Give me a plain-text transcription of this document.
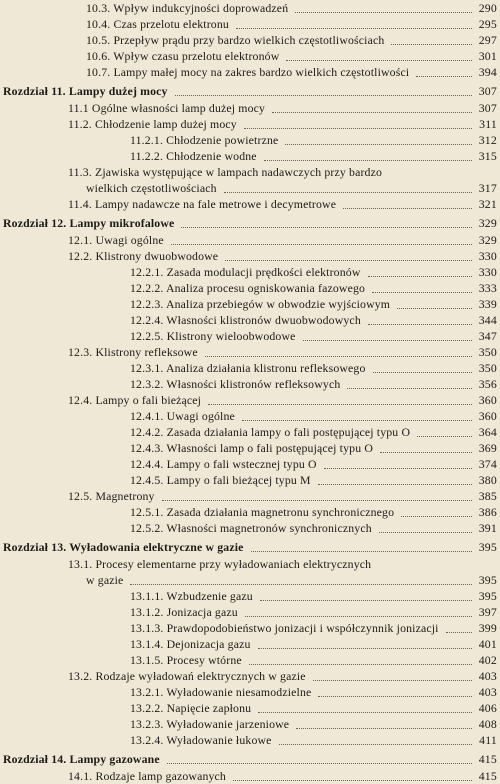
10.3. Wpływ indukcyjności doprowadzeń	290
10.4. Czas przelotu elektronu	295
10.5. Przepływ prądu przy bardzo wielkich częstotliwościach	297
10.6. Wpływ czasu przelotu elektronów	301
10.7. Lampy małej mocy na zakres bardzo wielkich częstotliwości	394
Rozdział 11. Lampy dużej mocy	307
11.1 Ogólne własności lamp dużej mocy	307
11.2. Chłodzenie lamp dużej mocy	311
11.2.1. Chłodzenie powietrzne	312
11.2.2. Chłodzenie wodne	315
11.3. Zjawiska występujące w lampach nadawczych przy bardzo
wielkich częstotliwościach	317
11.4. Lampy nadawcze na fale metrowe i decymetrowe	321
Rozdział 12. Lampy mikrofalowe	329
12.1. Uwagi ogólne	329
12.2. Klistrony dwuobwodowe	330
12.2.1. Zasada modulacji prędkości elektronów	330
12.2.2. Analiza procesu ogniskowania fazowego	333
12.2.3. Analiza przebiegów w obwodzie wyjściowym	339
12.2.4. Własności klistronów dwuobwodowych	344
12.2.5. Klistrony wieloobwodowe	347
12.3. Klistrony refleksowe	350
12.3.1. Analiza działania klistronu refleksowego	350
12.3.2. Własności klistronów refleksowych	356
12.4. Lampy o fali bieżącej	360
12.4.1. Uwagi ogólne	360
12.4.2. Zasada działania lampy o fali postępującej typu O	364
12.4.3. Własności lamp o fali postępującej typu O	369
12.4.4. Lampy o fali wstecznej typu O	374
12.4.5. Lampy o fali bieżącej typu M	380
12.5. Magnetrony	385
12.5.1. Zasada działania magnetronu synchronicznego	386
12.5.2. Własności magnetronów synchronicznych	391
Rozdział 13. Wyładowania elektryczne w gazie	395
13.1. Procesy elementarne przy wyładowaniach elektrycznych
w gazie	395
13.1.1. Wzbudzenie gazu	395
13.1.2. Jonizacja gazu	397
13.1.3. Prawdopodobieństwo jonizacji i współczynnik jonizacji	399
13.1.4. Dejonizacja gazu	401
13.1.5. Procesy wtórne	402
13.2. Rodzaje wyładowań elektrycznych w gazie	403
13.2.1. Wyładowanie niesamodzielne	403
13.2.2. Napięcie zapłonu	406
13.2.3. Wyładowanie jarzeniowe	408
13.2.4. Wyładowanie łukowe	411
Rozdział 14. Lampy gazowane	415
14.1. Rodzaje lamp gazowanych	415
